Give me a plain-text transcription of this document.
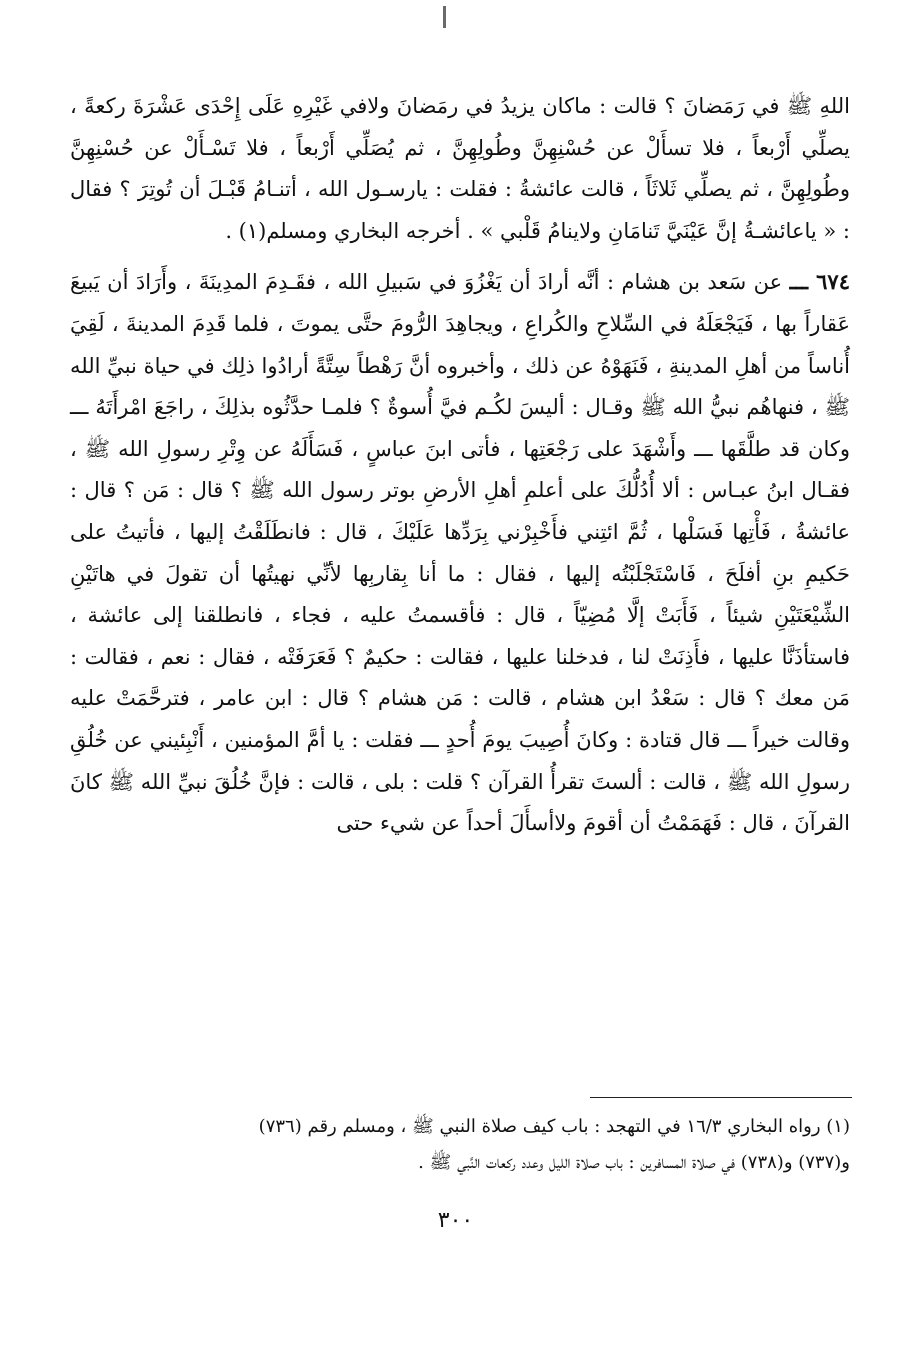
اللهِ ﷺ في رَمَضانَ ؟ قالت : ماكان يزيدُ في رمَضانَ ولافي غَيْرِهِ عَلَى إِحْدَى عَشْرَةَ ركعةً ، يصلِّي أَرْبعاً ، فلا تسأَلْ عن حُسْنِهِنَّ وطُولِهِنَّ ، ثم يُصَلِّي أَرْبعاً ، فلا تَسْـأَلْ عن حُسْنِهِنَّ وطُولِهِنَّ ، ثم يصلِّي ثَلاثَاً ، قالت عائشةُ : فقلت : يارسـول الله ، أتنـامُ قَبْـلَ أن تُوتِرَ ؟ فقال : « ياعائشـةُ إنَّ عَيْنَيَّ تَنامَانِ ولاينامُ قَلْبي » . أخرجه البخاري ومسلم(١) .

٦٧٤ ـــ عن سَعد بن هشام : أنَّه أرادَ أن يَغْزُوَ في سَبيلِ الله ، فقَـدِمَ المدِينَةَ ، وأَرَادَ أن يَبيعَ عَقاراً بها ، فَيَجْعَلَهُ في السِّلاحِ والكُراعِ ، ويجاهِدَ الرُّومَ حتَّى يموتَ ، فلما قَدِمَ المدينةَ ، لَقِيَ أُناساً من أهلِ المدينةِ ، فَنَهَوْهُ عن ذلك ، وأخبروه أنَّ رَهْطاً سِتَّةً أرادُوا ذلِك في حياة نبيِّ الله ﷺ ، فنهاهُم نبيُّ الله ﷺ وقـال : أليسَ لكُـم فيَّ أُسوةٌ ؟ فلمـا حدَّثُوه بذلِكَ ، راجَعَ امْرأَتَهُ ـــ وكان قد طلَّقَها ـــ وأَشْهَدَ على رَجْعَتِها ، فأتى ابنَ عباسٍ ، فَسَأَلَهُ عن وِتْرِ رسولِ الله ﷺ ، فقـال ابنُ عبـاس : ألا أُدُلُّكَ على أعلمِ أهلِ الأرضِ بوتر رسول الله ﷺ ؟ قال : مَن ؟ قال : عائشةُ ، فَأْتِها فَسَلْها ، ثُمَّ ائتِني فأَخْبِرْني بِرَدِّها عَلَيْكَ ، قال : فانطَلَقْتُ إليها ، فأتيتُ على حَكيمِ بنِ أفلَحَ ، فَاسْتَجْلَبْتُه إليها ، فقال : ما أنا بِقاربِها لأنِّي نهيتُها أن تقولَ في هاتَيْنِ الشِّيْعَتَيْنِ شيئاً ، فَأَبَتْ إلَّا مُضِيّاً ، قال : فأقسمتُ عليه ، فجاء ، فانطلقنا إلى عائشة ، فاستأذَنَّا عليها ، فأَذِنَتْ لنا ، فدخلنا عليها ، فقالت : حكيمٌ ؟ فَعَرَفَتْه ، فقال : نعم ، فقالت : مَن معك ؟ قال : سَعْدُ ابن هشام ، قالت : مَن هشام ؟ قال : ابن عامر ، فترحَّمَتْ عليه وقالت خيراً ـــ قال قتادة : وكانَ أُصِيبَ يومَ أُحدٍ ـــ فقلت : يا أمَّ المؤمنين ، أَنْبِئيني عن خُلُقِ رسولِ الله ﷺ ، قالت : ألستَ تقرأُ القرآن ؟ قلت : بلى ، قالت : فإنَّ خُلُقَ نبيِّ الله ﷺ كانَ القرآنَ ، قال : فَهَمَمْتُ أن أقومَ ولاأسأَلَ أحداً عن شيء حتى

(١) رواه البخاري ١٦/٣ في التهجد : باب كيف صلاة النبي ﷺ ، ومسلم رقم (٧٣٦)

و(٧٣٧) و(٧٣٨) في صلاة المسافرين : باب صلاة الليل وعدد ركعات النَّبي ﷺ .

٣٠٠
